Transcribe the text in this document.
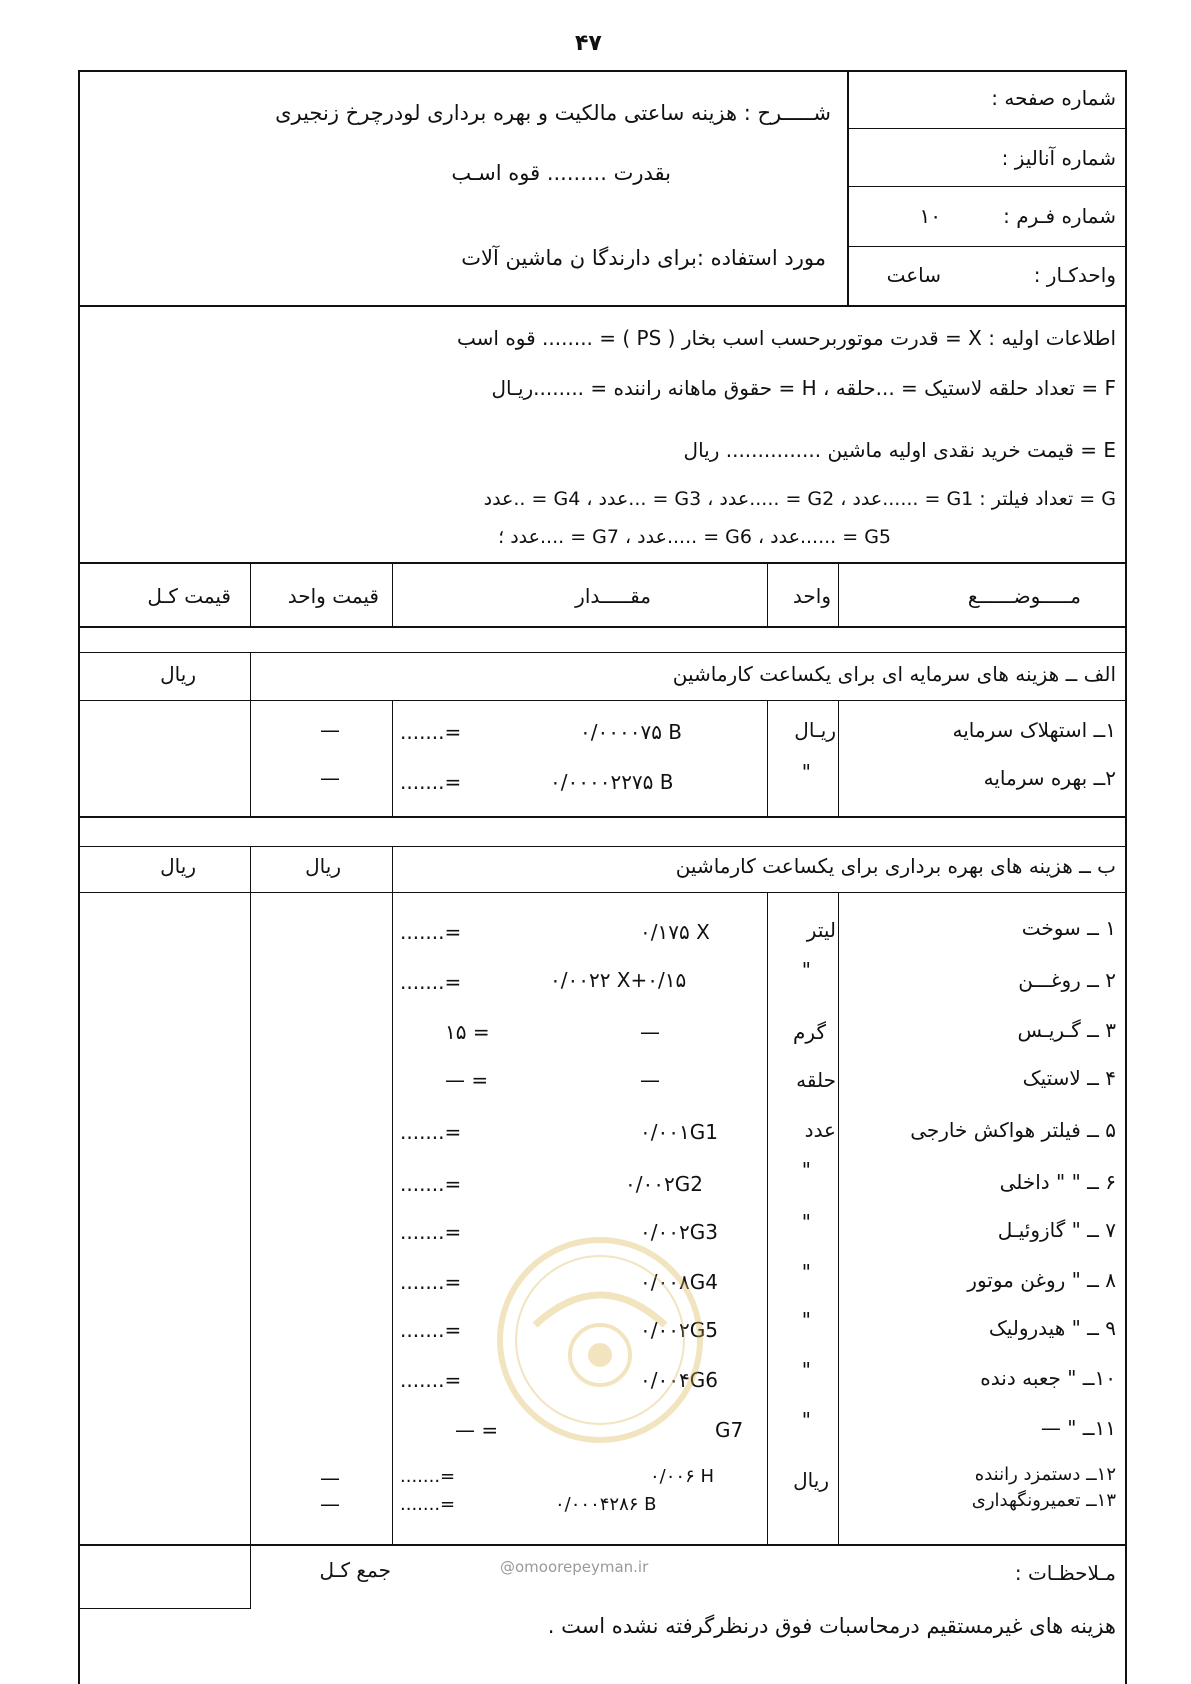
۴۷
شـــــرح : هزینه ساعتی مالکیت و بهره برداری لودرچرخ زنجیری
بقدرت ......... قوه اسـب
مورد استفاده :برای دارندگا ن ماشین آلات
شماره صفحه :
شماره آنالیز :
شماره فـرم :
۱۰
واحدکـار :
ساعت
اطلاعات اولیه : X = قدرت موتوربرحسب اسب بخار ( PS ) = ........ قوه اسب
F = تعداد حلقه لاستیک = ...حلقه ، H = حقوق ماهانه راننده = ........ریـال
E = قیمت خرید نقدی اولیه ماشین ............... ریال
G = تعداد فیلتر : G1 = ......عدد ، G2 = .....عدد ، G3 = ...عدد ، G4 = ..عدد
G5 = ......عدد ، G6 = .....عدد ، G7 = ....عدد ؛
مـــــوضــــــع
واحد
مقـــــدار
قیمت واحد
قیمت کـل
الف ــ هزینه های سرمایه ای برای یکساعت کارماشین
ریال
۱ــ استهلاک سرمایه
ریـال
۰/۰۰۰۰۷۵ B
.......=
—
۲ــ بهره سرمایه
"
۰/۰۰۰۰۲۲۷۵ B
.......=
—
ب ــ هزینه های بهره برداری برای یکساعت کارماشین
ریال
ریال
۱ ــ سوخت
۲ ــ روغـــن
۳ ــ گـریـس
۴ ــ لاستیک
۵ ــ فیلتر هواکش خارجی
۶ ــ " " داخلی
۷ ــ " گازوئیـل
۸ ــ " روغن موتور
۹ ــ " هیدرولیک
۱۰ــ " جعبه دنده
۱۱ــ " —
۱۲ــ دستمزد راننده
۱۳ــ تعمیرونگهداری
لیتر
"
گرم
حلقه
عدد
"
"
"
"
"
"
ریال
۰/۱۷۵ X
۰/۰۰۲۲ X+۰/۱۵
—
—
۰/۰۰۱G1
۰/۰۰۲G2
۰/۰۰۲G3
۰/۰۰۸G4
۰/۰۰۲G5
۰/۰۰۴G6
G7
۰/۰۰۶ H
۰/۰۰۰۴۲۸۶ B
.......=
.......=
۱۵ =
— =
.......=
.......=
.......=
.......=
.......=
.......=
— =
.......=
.......=
—
—
مـلاحظـات :
جمع کـل
هزینه های غیرمستقیم درمحاسبات فوق درنظرگرفته نشده است .
@omoorepeyman.ir
